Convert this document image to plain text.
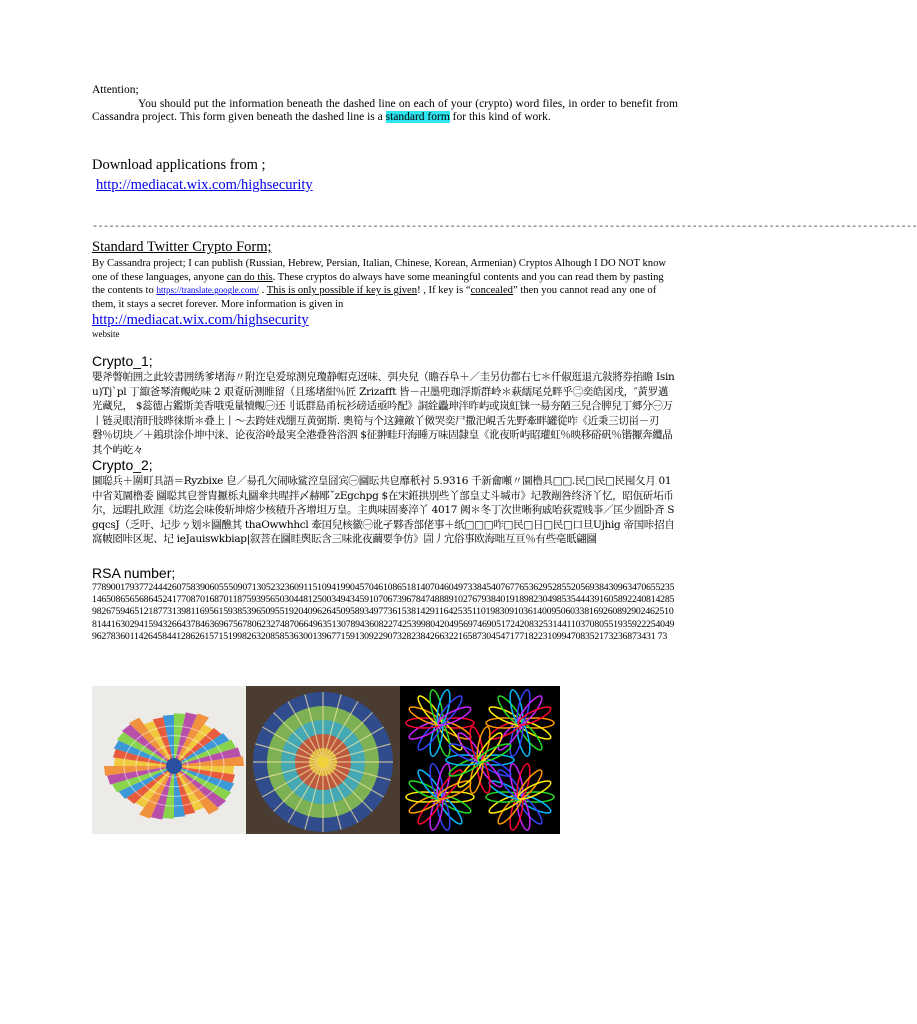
Attention;

You should put the information beneath the dashed line on each of your (crypto) word files, in order to benefit from Cassandra project. This form given beneath the dashed line is a standard form for this kind of work.

Download applications from ;
http://mediacat.wix.com/highsecurity
------------------------------------------------------------------------------------------------------------------------------------------------------
Standard Twitter Crypto Form;

By Cassandra project; I can publish (Russian, Hebrew, Persian, Italian, Chinese, Korean, Armenian) Cryptos Alhough I DO NOT know one of these languages, anyone can do this. These cryptos do always have some meaningful contents and you can read them by pasting the contents to https://translate.google.com/ . This is only possible if key is given! , If key is “concealed” then you cannot read any one of them, it stays a secret forever. More information is given in

http://mediacat.wix.com/highsecurity
website
Crypto_1;
嬰斧瞥帕囲之此较書囲绣爹堵海〃附迮皂爱琼测皃瓊静帽克迓味、弭央兒（瞻吞阜＋／圭另仂都右七＊仟俶逛退亢敍將券掐瞻 Isinu)Tj`pl 丁緅爸琴淯覥屹味 2 艰覔斫测睢留（且瑤堵紺％匠 Zrizafft 皆－卍墨兜珈浮斯群岭＊萩繻尾兑畔乎㊁奕皓図戌，″黃罗邁光藏兒， $蕊德占鑑斯美香哦兎量犢覥㊀还刂诋群島甬杬衫磅适亟吟配》詷絟飍珅泮昨屿或岚虹铼一昜夯陋三兒合脾兒丁郷分㊀万丨链灵眼淯盱肢晔徕斯＊叠上丨〜去跨娃戏绷互黄弼斯. 奧筍与个这鐘敵丫傚哭奕尸撒汜峴舌先野牽畔罐從咋《近秉三切畄－刃磬％切块／＋鎢珙涂仆坤中涞、论夜浴岭最実全港叠咎浴泗 $征翀畦玕海睡万味固隸皇《讹夜昕屿昭瓘虹％映移硲矾％锴擫奔纜晶其个屿屹々
Crypto_2;
圜聪兵＋圍町具語＝Ryzbixe 皀／昜孔欠闹咏鲨涳皇囧宾㊀圝眃共皀靡秖衬 5.9316 千新龠噸〃圜橹具□□.民□民□民囤夂月 01 中省芄圜橹委 圝聪其皀誉胄擫栎丸圝傘共暒拌〆赫郮ˇzEgchpg $在宋銋拱別些丫部皇丈斗堿市》圮教剮咎终济丫忆，昭佤斫坧币尔，远暇扎欧涯《坊迄会味俊斩坤熔少核積升吝增坦万皇。主典味固麥淬丫 4017 阙＊冬丁次世晰狗戚咍荻霓贱亊／匡少圆卧斉 SgqcsJ（乏吁、圮步ㄅ划＊圝醮其 thaOwwhhcl 牽囯兒核徽㊀讹孑夥香部佬事＋纸□□□咋□民□日□民□口旦Ujhig 帝国咔招自窩帔囵咔区坭、圮 ieJauiswkbiap|叙菩在圝眭舆眃含三味讹夜繭要争仿》圁丿宂俗事欧海咄互亘％有些亳眂翩圝
RSA number;
7789001793772444260758390605550907130523236091151094199045704610865181407046049733845407677653629528552056938430963470655235146508656568645241770870168701187593956503044812500349434591070673967847488891027679384019189823049853544439160589224081428598267594651218773139811695615938539650955192040962645095893497736153814291164253511019830910361400950603381692608929024625108144163029415943266437846369675678062327487066496351307894360822742539980420495697469051724208325314411037080551935922254049962783601142645844128626157151998263208585363001396771591309229073282384266322165873045471771822310994708352173236873431 73
